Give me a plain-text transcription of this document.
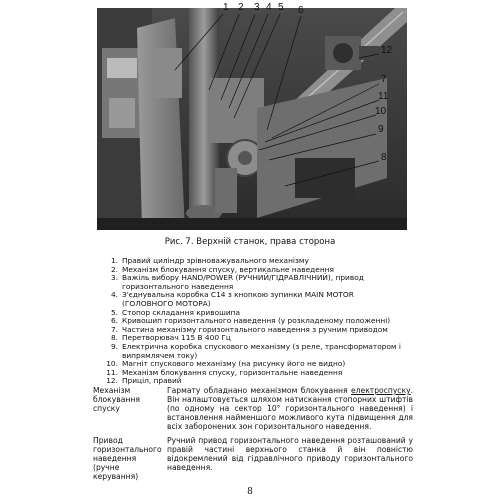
1 2 3 4 5 6
7
8
9
10
11
12
Рис. 7. Верхній станок, права сторона
1. Правий циліндр зрівноважувального механізму
2. Механізм блокування спуску, вертикальне наведення
3. Важіль вибору HAND/POWER (РУЧНИЙ/ГІДРАВЛІЧНИЙ), привод горизонтального наведення
4. З'єднувальна коробка C14 з кнопкою зупинки MAIN MOTOR (ГОЛОВНОГО МОТОРА)
5. Стопор складання кривошипа
6. Кривошип горизонтального наведення (у розкладеному положенні)
7. Частина механізму горизонтального наведення з ручним приводом
8. Перетворювач 115 В 400 Гц
9. Електрична коробка спускового механізму (з реле, трансформатором і випрямлячем току)
10. Магніт спускового механізму (на рисунку його не видно)
11. Механізм блокування спуску, горизонтальне наведення
12. Приціл, правий
Механізм блокування спуску
Гармату обладнано механізмом блокування електроспуску. Він налаштовується шляхом натискання стопорних штифтів (по одному на сектор 10° горизонтального наведення) і встановлення найменшого можливого кута підвищення для всіх заборонених зон горизонтального наведення.
Привод горизонтального наведення (ручне керування)
Ручний привод горизонтального наведення розташований у правій частині верхнього станка й він повністю відокремлений від гідравлічного приводу горизонтального наведення.
8
